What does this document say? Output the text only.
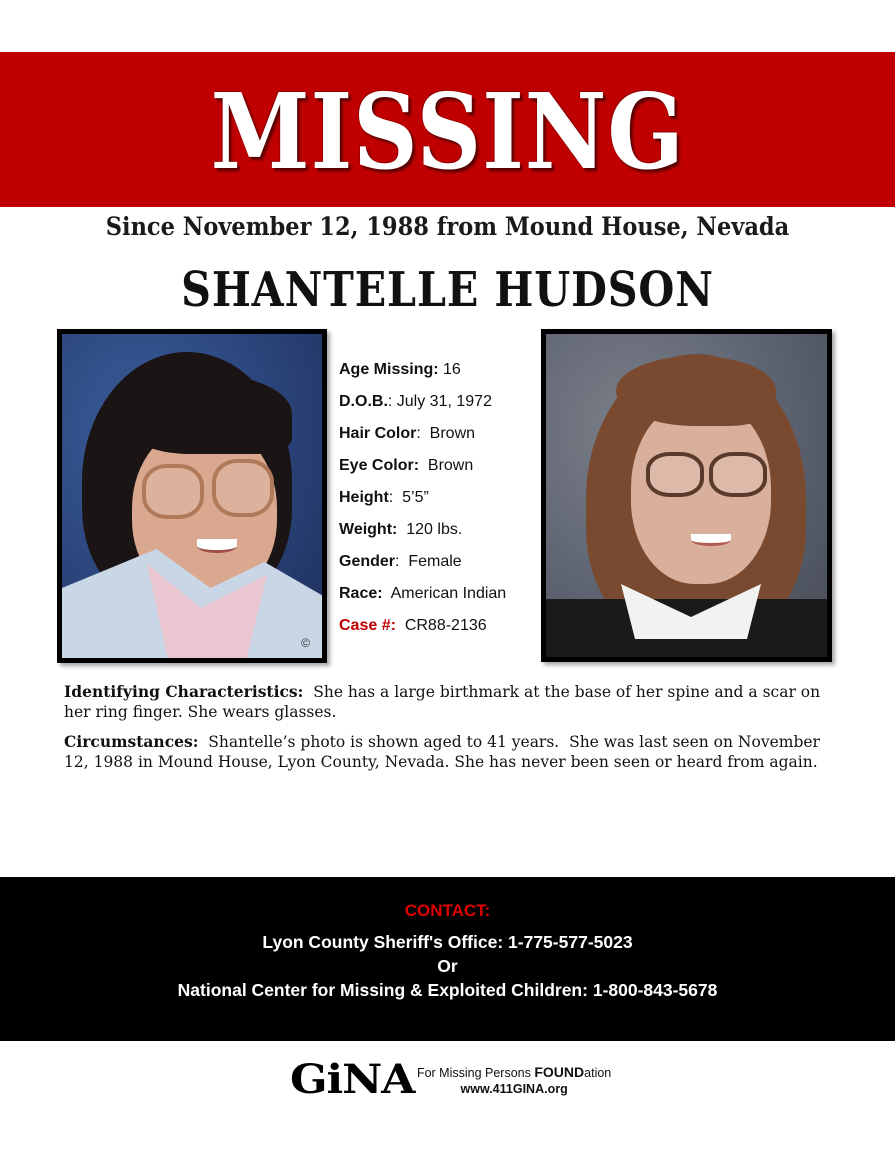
MISSING
Since November 12, 1988 from Mound House, Nevada
SHANTELLE HUDSON
©
Age Missing: 16
D.O.B.: July 31, 1972
Hair Color:  Brown
Eye Color:  Brown
Height:  5’5”
Weight:  120 lbs.
Gender:  Female
Race:  American Indian
Case #:  CR88-2136

Identifying Characteristics:  She has a large birthmark at the base of her spine and a scar on her ring finger. She wears glasses.

Circumstances:  Shantelle’s photo is shown aged to 41 years.  She was last seen on November 12, 1988 in Mound House, Lyon County, Nevada. She has never been seen or heard from again.

CONTACT:
Lyon County Sheriff's Office: 1-775-577-5023
Or
National Center for Missing & Exploited Children: 1-800-843-5678
GiNA For Missing Persons FOUNDation
www.411GINA.org
